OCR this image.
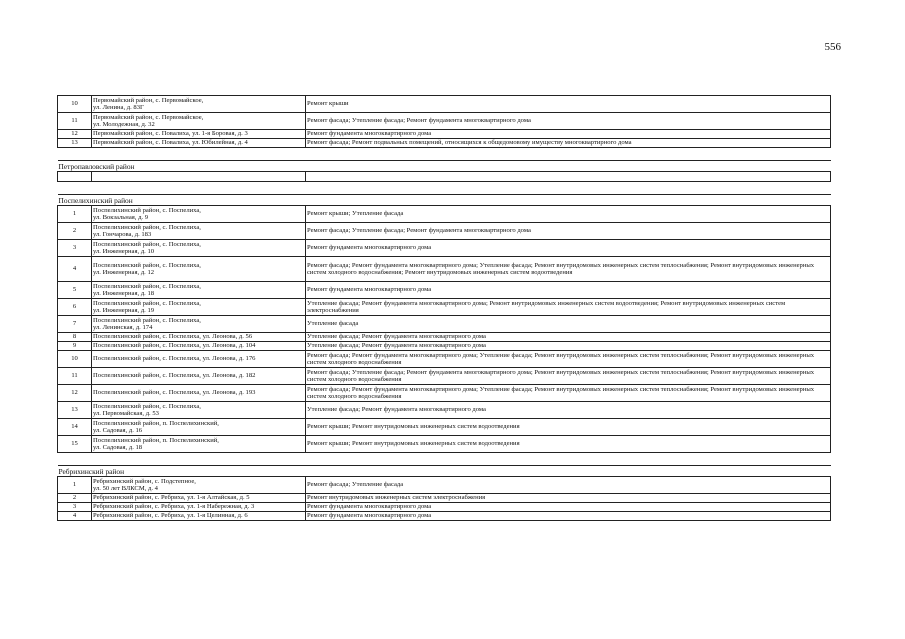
556
10	Первомайский район, с. Первомайское,
ул. Ленина, д. 83Г	Ремонт крыши
11	Первомайский район, с. Первомайское,
ул. Молодежная, д. 32	Ремонт фасада; Утепление фасада; Ремонт фундамента многоквартирного дома
12	Первомайский район, с. Повалиха, ул. 1-я Боровая, д. 3	Ремонт фундамента многоквартирного дома
13	Первомайский район, с. Повалиха, ул. Юбилейная, д. 4	Ремонт фасада; Ремонт подвальных помещений, относящихся к общедомовому имуществу многоквартирного дома

Петропавловский район		

Поспелихинский район		
1	Поспелихинский район, с. Поспелиха,
ул. Вокзальная, д. 9	Ремонт крыши; Утепление фасада
2	Поспелихинский район, с. Поспелиха,
ул. Гончарова, д. 183	Ремонт фасада; Утепление фасада; Ремонт фундамента многоквартирного дома
3	Поспелихинский район, с. Поспелиха,
ул. Инженерная, д. 10	Ремонт фундамента многоквартирного дома
4	Поспелихинский район, с. Поспелиха,
ул. Инженерная, д. 12	Ремонт фасада; Ремонт фундамента многоквартирного дома; Утепление фасада; Ремонт внутридомовых инженерных систем теплоснабжения; Ремонт внутридомовых инженерных систем холодного водоснабжения; Ремонт внутридомовых инженерных систем водоотведения
5	Поспелихинский район, с. Поспелиха,
ул. Инженерная, д. 18	Ремонт фундамента многоквартирного дома
6	Поспелихинский район, с. Поспелиха,
ул. Инженерная, д. 19	Утепление фасада; Ремонт фундамента многоквартирного дома; Ремонт внутридомовых инженерных систем водоотведения; Ремонт внутридомовых инженерных систем электроснабжения
7	Поспелихинский район, с. Поспелиха,
ул. Ленинская, д. 174	Утепление фасада
8	Поспелихинский район, с. Поспелиха, ул. Леонова, д. 56	Утепление фасада; Ремонт фундамента многоквартирного дома
9	Поспелихинский район, с. Поспелиха, ул. Леонова, д. 104	Утепление фасада; Ремонт фундамента многоквартирного дома
10	Поспелихинский район, с. Поспелиха, ул. Леонова, д. 176	Ремонт фасада; Ремонт фундамента многоквартирного дома; Утепление фасада; Ремонт внутридомовых инженерных систем теплоснабжения; Ремонт внутридомовых инженерных систем холодного водоснабжения
11	Поспелихинский район, с. Поспелиха, ул. Леонова, д. 182	Ремонт фасада; Утепление фасада; Ремонт фундамента многоквартирного дома; Ремонт внутридомовых инженерных систем теплоснабжения; Ремонт внутридомовых инженерных систем холодного водоснабжения
12	Поспелихинский район, с. Поспелиха, ул. Леонова, д. 193	Ремонт фасада; Ремонт фундамента многоквартирного дома; Утепление фасада; Ремонт внутридомовых инженерных систем теплоснабжения; Ремонт внутридомовых инженерных систем холодного водоснабжения
13	Поспелихинский район, с. Поспелиха,
ул. Первомайская, д. 53	Утепление фасада; Ремонт фундамента многоквартирного дома
14	Поспелихинский район, п. Поспелихинский,
ул. Садовая, д. 16	Ремонт крыши; Ремонт внутридомовых инженерных систем водоотведения
15	Поспелихинский район, п. Поспелихинский,
ул. Садовая, д. 18	Ремонт крыши; Ремонт внутридомовых инженерных систем водоотведения

Ребрихинский район		
1	Ребрихинский район, с. Подстепное,
ул. 50 лет ВЛКСМ, д. 4	Ремонт фасада; Утепление фасада
2	Ребрихинский район, с. Ребриха, ул. 1-я Алтайская, д. 5	Ремонт внутридомовых инженерных систем электроснабжения
3	Ребрихинский район, с. Ребриха, ул. 1-я Набережная, д. 3	Ремонт фундамента многоквартирного дома
4	Ребрихинский район, с. Ребриха, ул. 1-я Целинная, д. 6	Ремонт фундамента многоквартирного дома
